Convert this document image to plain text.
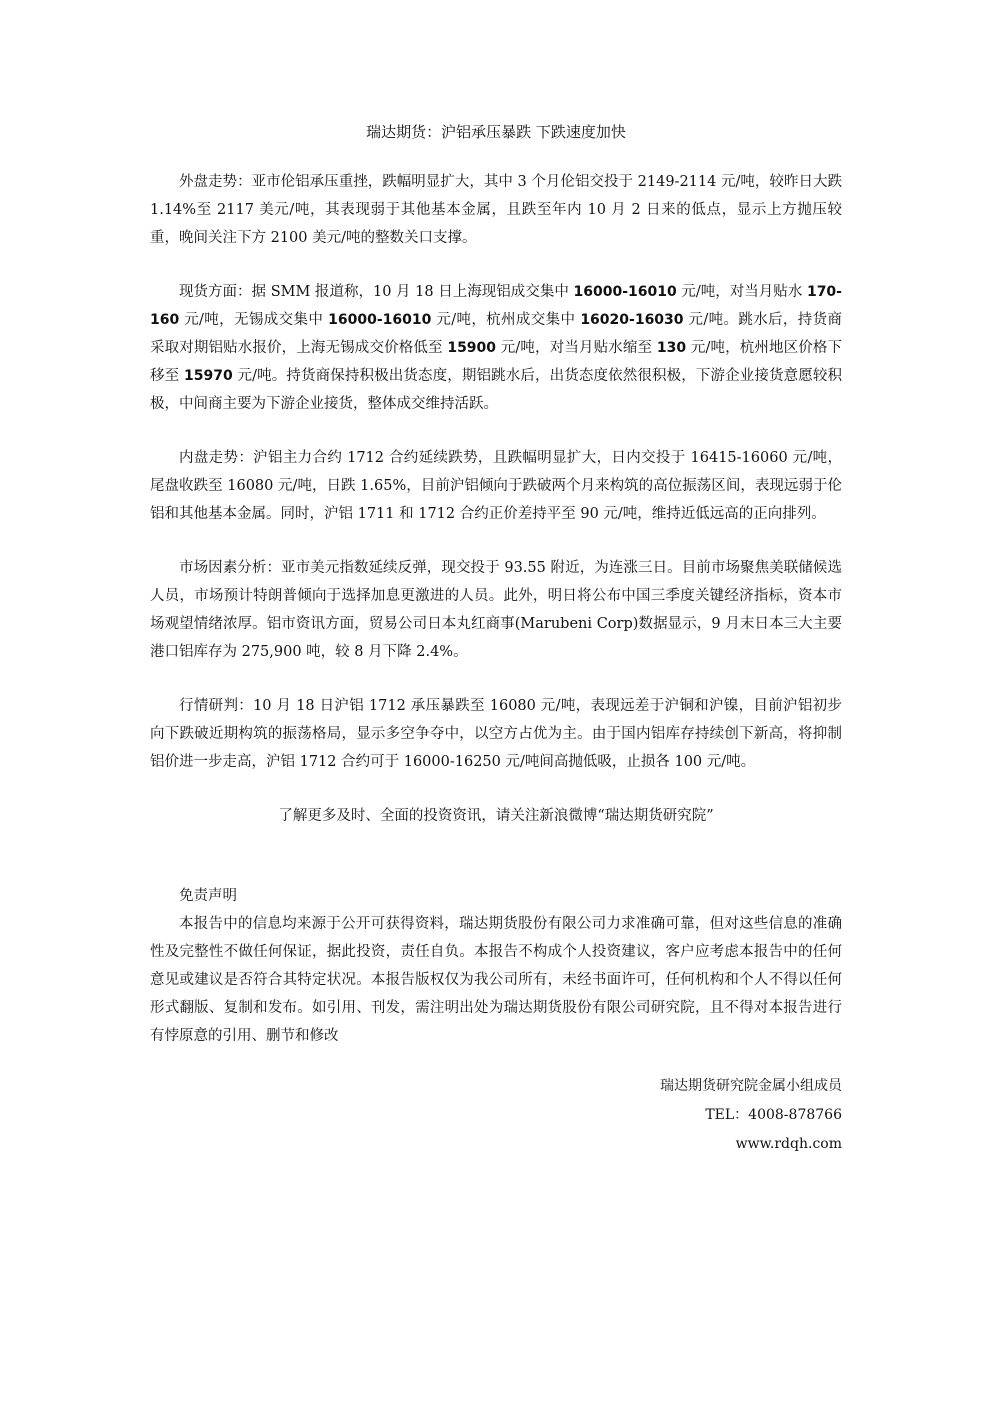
瑞达期货：沪铝承压暴跌 下跌速度加快

外盘走势：亚市伦铝承压重挫，跌幅明显扩大，其中 3 个月伦铝交投于 2149-2114 元/吨，较昨日大跌 1.14%至 2117 美元/吨，其表现弱于其他基本金属，且跌至年内 10 月 2 日来的低点，显示上方抛压较重，晚间关注下方 2100 美元/吨的整数关口支撑。

现货方面：据 SMM 报道称，10 月 18 日上海现铝成交集中 16000-16010 元/吨，对当月贴水 170-160 元/吨，无锡成交集中 16000-16010 元/吨，杭州成交集中 16020-16030 元/吨。跳水后，持货商采取对期铝贴水报价，上海无锡成交价格低至 15900 元/吨，对当月贴水缩至 130 元/吨，杭州地区价格下移至 15970 元/吨。持货商保持积极出货态度，期铝跳水后，出货态度依然很积极，下游企业接货意愿较积极，中间商主要为下游企业接货，整体成交维持活跃。

内盘走势：沪铝主力合约 1712 合约延续跌势，且跌幅明显扩大，日内交投于 16415-16060 元/吨，尾盘收跌至 16080 元/吨，日跌 1.65%，目前沪铝倾向于跌破两个月来构筑的高位振荡区间，表现远弱于伦铝和其他基本金属。同时，沪铝 1711 和 1712 合约正价差持平至 90 元/吨，维持近低远高的正向排列。

市场因素分析：亚市美元指数延续反弹，现交投于 93.55 附近，为连涨三日。目前市场聚焦美联储候选人员，市场预计特朗普倾向于选择加息更激进的人员。此外，明日将公布中国三季度关键经济指标，资本市场观望情绪浓厚。铝市资讯方面，贸易公司日本丸红商事(Marubeni Corp)数据显示，9 月末日本三大主要港口铝库存为 275,900 吨，较 8 月下降 2.4%。

行情研判：10 月 18 日沪铝 1712 承压暴跌至 16080 元/吨，表现远差于沪铜和沪镍，目前沪铝初步向下跌破近期构筑的振荡格局，显示多空争夺中，以空方占优为主。由于国内铝库存持续创下新高，将抑制铝价进一步走高，沪铝 1712 合约可于 16000-16250 元/吨间高抛低吸，止损各 100 元/吨。

了解更多及时、全面的投资资讯，请关注新浪微博“瑞达期货研究院”

免责声明

本报告中的信息均来源于公开可获得资料，瑞达期货股份有限公司力求准确可靠，但对这些信息的准确性及完整性不做任何保证，据此投资，责任自负。本报告不构成个人投资建议，客户应考虑本报告中的任何意见或建议是否符合其特定状况。本报告版权仅为我公司所有，未经书面许可，任何机构和个人不得以任何形式翻版、复制和发布。如引用、刊发，需注明出处为瑞达期货股份有限公司研究院，且不得对本报告进行有悖原意的引用、删节和修改

瑞达期货研究院金属小组成员

TEL：4008-878766

www.rdqh.com
